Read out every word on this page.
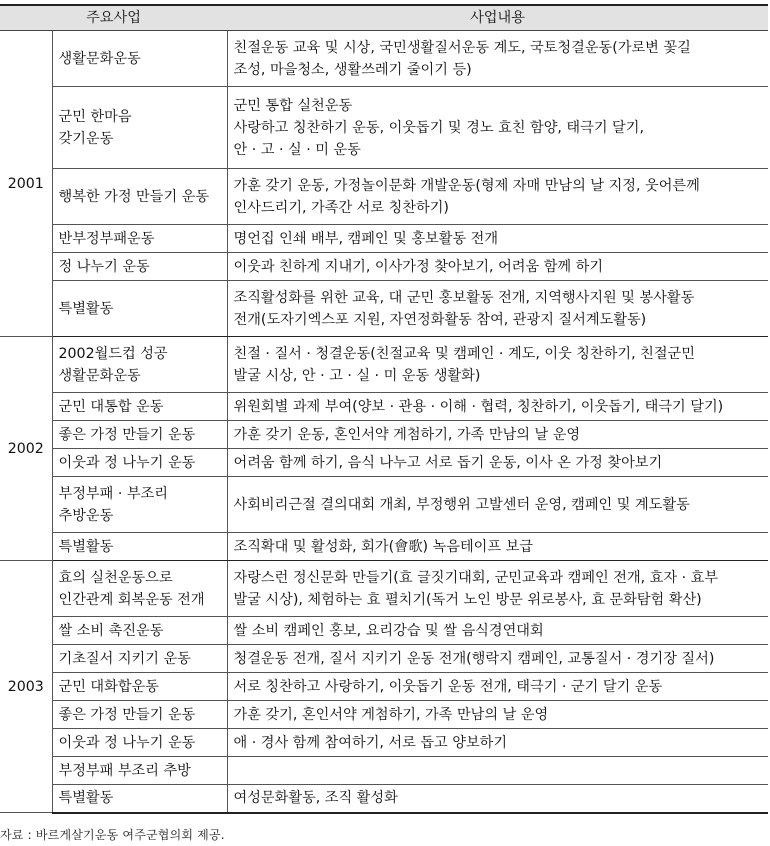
주요사업		사업내용
2001	생활문화운동	친절운동 교육 및 시상, 국민생활질서운동 계도, 국토청결운동(가로변 꽃길
조성, 마을청소, 생활쓰레기 줄이기 등)

	군민 한마음
갖기운동	군민 통합 실천운동
사랑하고 칭찬하기 운동, 이웃돕기 및 경노 효친 함양, 태극기 달기,
안 · 고 · 실 · 미 운동

	행복한 가정 만들기 운동	가훈 갖기 운동, 가정놀이문화 개발운동(형제 자매 만남의 날 지정, 웃어른께
인사드리기, 가족간 서로 칭찬하기)

	반부정부패운동	명언집 인쇄 배부, 캠페인 및 홍보활동 전개

	정 나누기 운동	이웃과 친하게 지내기, 이사가정 찾아보기, 어려움 함께 하기

	특별활동	조직활성화를 위한 교육, 대 군민 홍보활동 전개, 지역행사지원 및 봉사활동
전개(도자기엑스포 지원, 자연정화활동 참여, 관광지 질서계도활동)

2002	2002월드컵 성공
생활문화운동	친절 · 질서 · 청결운동(친절교육 및 캠페인 · 계도, 이웃 칭찬하기, 친절군민
발굴 시상, 안 · 고 · 실 · 미 운동 생활화)

	군민 대통합 운동	위원회별 과제 부여(양보 · 관용 · 이해 · 협력, 칭찬하기, 이웃돕기, 태극기 달기)

	좋은 가정 만들기 운동	가훈 갖기 운동, 혼인서약 게첨하기, 가족 만남의 날 운영

	이웃과 정 나누기 운동	어려움 함께 하기, 음식 나누고 서로 돕기 운동, 이사 온 가정 찾아보기

	부정부패 · 부조리
추방운동	사회비리근절 결의대회 개최, 부정행위 고발센터 운영, 캠페인 및 계도활동

	특별활동	조직확대 및 활성화, 회가(會歌) 녹음테이프 보급

2003	효의 실천운동으로
인간관계 회복운동 전개	자랑스런 정신문화 만들기(효 글짓기대회, 군민교육과 캠페인 전개, 효자 · 효부
발굴 시상), 체험하는 효 펼치기(독거 노인 방문 위로봉사, 효 문화탐험 확산)

	쌀 소비 촉진운동	쌀 소비 캠페인 홍보, 요리강습 및 쌀 음식경연대회

	기초질서 지키기 운동	청결운동 전개, 질서 지키기 운동 전개(행락지 캠페인, 교통질서 · 경기장 질서)

	군민 대화합운동	서로 칭찬하고 사랑하기, 이웃돕기 운동 전개, 태극기 · 군기 달기 운동

	좋은 가정 만들기 운동	가훈 갖기, 혼인서약 게첨하기, 가족 만남의 날 운영

	이웃과 정 나누기 운동	애 · 경사 함께 참여하기, 서로 돕고 양보하기

	부정부패 부조리 추방	

	특별활동	여성문화활동, 조직 활성화
자료 : 바르게살기운동 여주군협의회 제공.
